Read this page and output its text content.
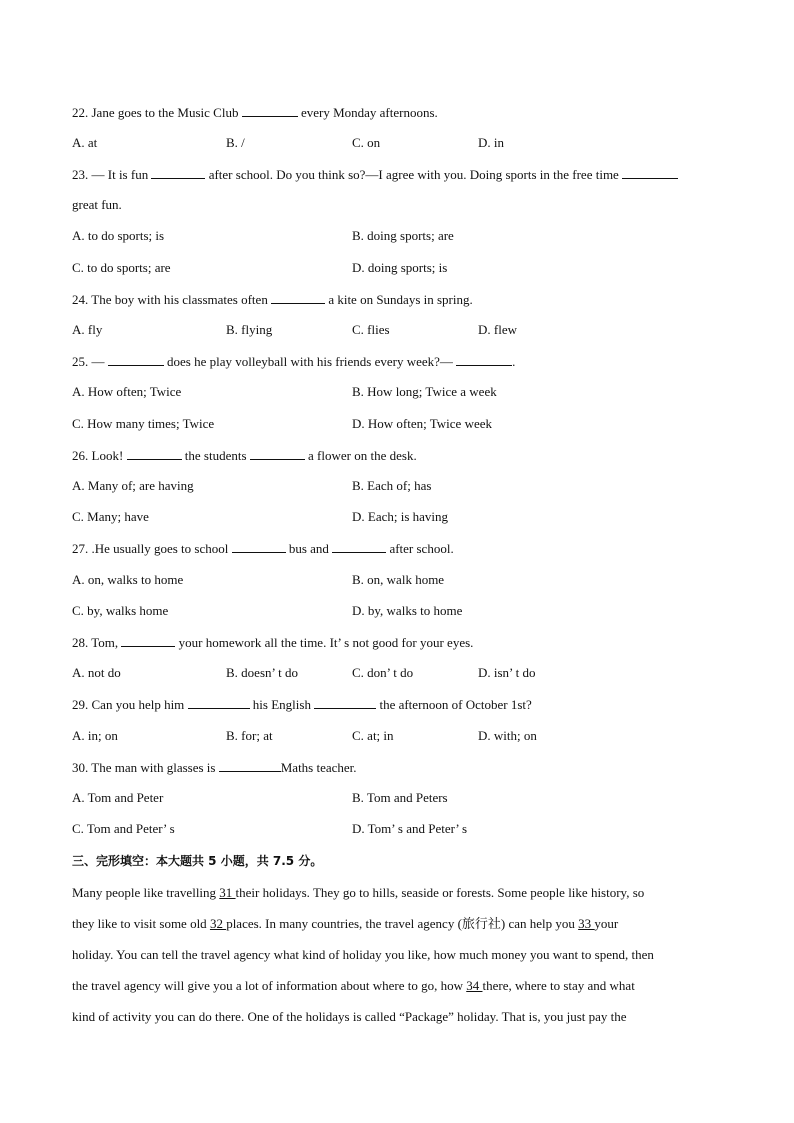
22. Jane goes to the Music Club	every Monday afternoons.
A. at	B. /	C. on	D. in
23. — It is fun	after school. Do you think so?—I agree with you. Doing sports in the free time
great fun.
A. to do sports; is	B. doing sports; are
C. to do sports; are	D. doing sports; is
24. The boy with his classmates often	a kite on Sundays in spring.
A. fly	B. flying	C. flies	D. flew
25. —	does he play volleyball with his friends every week?—	.
A. How often; Twice	B. How long; Twice a week
C. How many times; Twice	D. How often; Twice week
26. Look!	the students	a flower on the desk.
A. Many of; are having	B. Each of; has
C. Many; have	D. Each; is having
27. .He usually goes to school	bus and	after school.
A. on, walks to home	B. on, walk home
C. by, walks home	D. by, walks to home
28. Tom,	your homework all the time. It’ s not good for your eyes.
A. not do	B. doesn’ t do	C. don’ t do	D. isn’ t do
29. Can you help him	his English	the afternoon of October 1st?
A. in; on	B. for; at	C. at; in	D. with; on
30. The man with glasses is	Maths teacher.
A. Tom and Peter	B. Tom and Peters
C. Tom and Peter’ s	D. Tom’ s and Peter’ s
三、完形填空：本大题共 5 小题，共 7.5 分。
Many people like travelling 31 their holidays. They go to hills, seaside or forests. Some people like history, so
they like to visit some old 32 places. In many countries, the travel agency (旅行社) can help you 33 your
holiday. You can tell the travel agency what kind of holiday you like, how much money you want to spend, then
the travel agency will give you a lot of information about where to go, how 34 there, where to stay and what
kind of activity you can do there. One of the holidays is called “Package” holiday. That is, you just pay the
